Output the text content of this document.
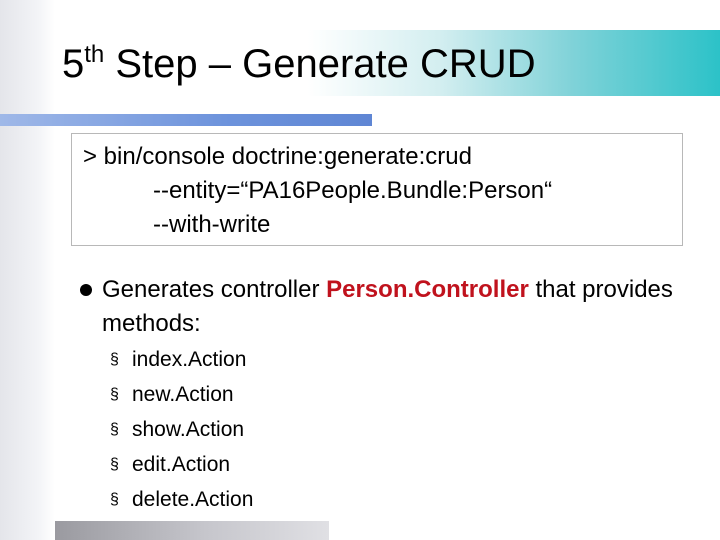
5th Step – Generate CRUD
> bin/console doctrine:generate:crud
--entity=“PA16People.Bundle:Person“
--with-write

Generates controller Person.Controller that provides methods:

§ index.Action
§ new.Action
§ show.Action
§ edit.Action
§ delete.Action
